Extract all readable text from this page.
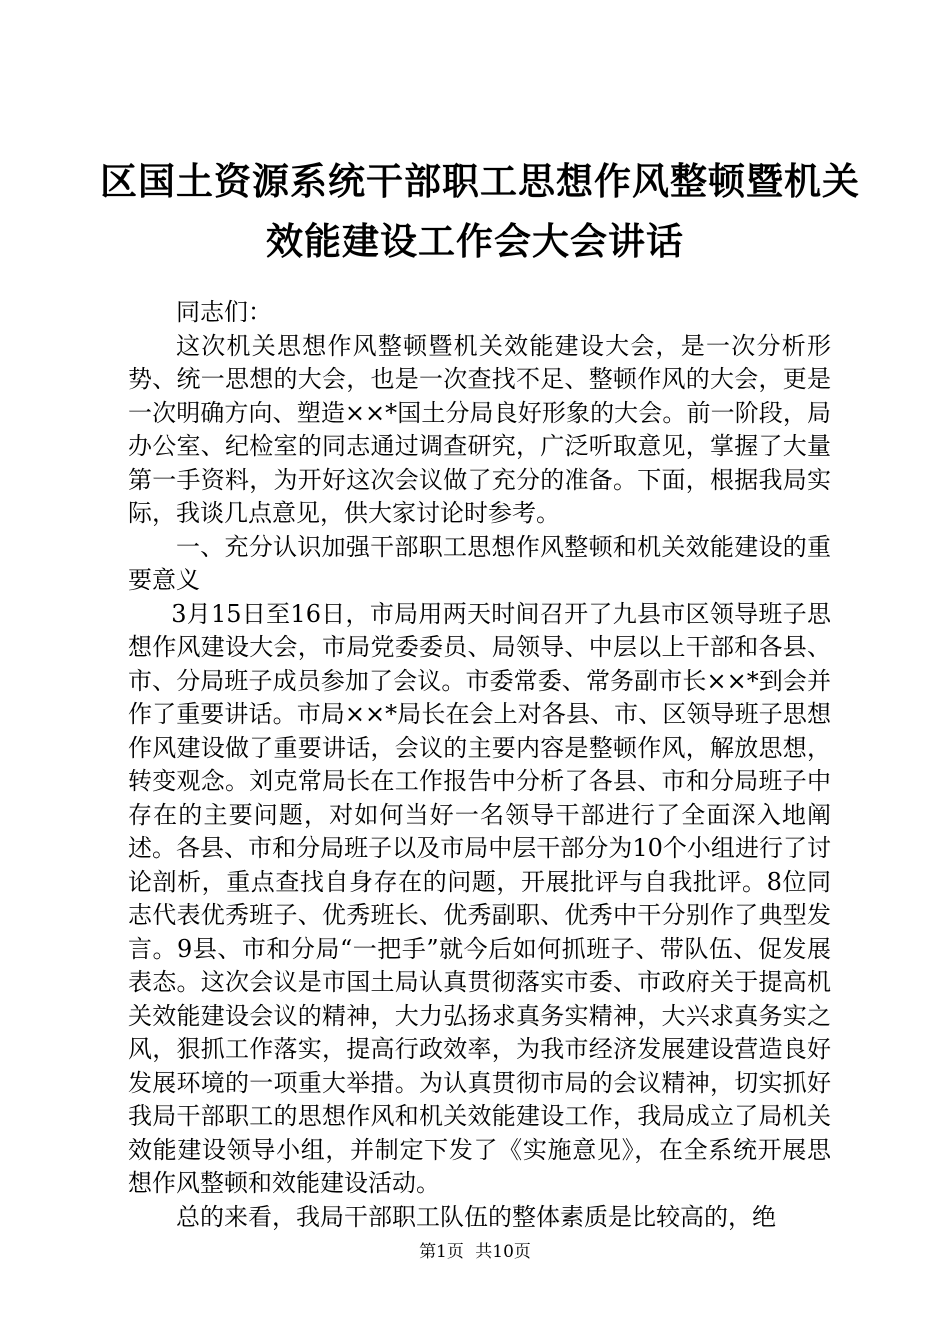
区国土资源系统干部职工思想作风整顿暨机关
效能建设工作会大会讲话

同志们：

这次机关思想作风整顿暨机关效能建设大会，是一次分析形势、统一思想的大会，也是一次查找不足、整顿作风的大会，更是一次明确方向、塑造××*国土分局良好形象的大会。前一阶段，局办公室、纪检室的同志通过调查研究，广泛听取意见，掌握了大量第一手资料，为开好这次会议做了充分的准备。下面，根据我局实际，我谈几点意见，供大家讨论时参考。

一、充分认识加强干部职工思想作风整顿和机关效能建设的重要意义

3月15日至16日，市局用两天时间召开了九县市区领导班子思想作风建设大会，市局党委委员、局领导、中层以上干部和各县、市、分局班子成员参加了会议。市委常委、常务副市长××*到会并作了重要讲话。市局××*局长在会上对各县、市、区领导班子思想作风建设做了重要讲话，会议的主要内容是整顿作风，解放思想，转变观念。刘克常局长在工作报告中分析了各县、市和分局班子中存在的主要问题，对如何当好一名领导干部进行了全面深入地阐述。各县、市和分局班子以及市局中层干部分为10个小组进行了讨论剖析，重点查找自身存在的问题，开展批评与自我批评。8位同志代表优秀班子、优秀班长、优秀副职、优秀中干分别作了典型发言。9县、市和分局“一把手”就今后如何抓班子、带队伍、促发展表态。这次会议是市国土局认真贯彻落实市委、市政府关于提高机关效能建设会议的精神，大力弘扬求真务实精神，大兴求真务实之风，狠抓工作落实，提高行政效率，为我市经济发展建设营造良好发展环境的一项重大举措。为认真贯彻市局的会议精神，切实抓好我局干部职工的思想作风和机关效能建设工作，我局成立了局机关效能建设领导小组，并制定下发了《实施意见》，在全系统开展思想作风整顿和效能建设活动。

总的来看，我局干部职工队伍的整体素质是比较高的，绝

第1页 共10页
